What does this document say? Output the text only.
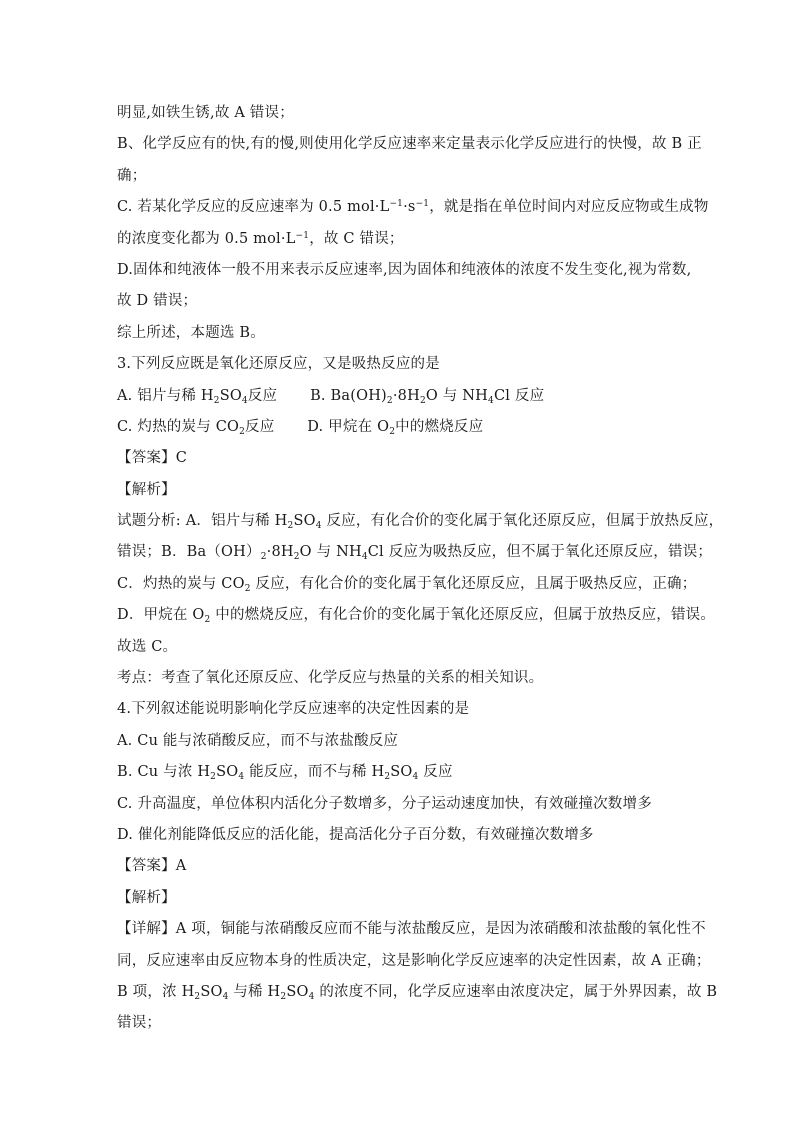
明显,如铁生锈,故 A 错误；
B、化学反应有的快,有的慢,则使用化学反应速率来定量表示化学反应进行的快慢，故 B 正
确；
C. 若某化学反应的反应速率为 0.5 $mol\cdot L^{-1}\cdot s^{-1}$，就是指在单位时间内对应反应物或生成物
的浓度变化都为 0.5 $mol\cdot L^{-1}$，故 C 错误；
D.固体和纯液体一般不用来表示反应速率,因为固体和纯液体的浓度不发生变化,视为常数,
故 D 错误；
综上所述，本题选 B。
3.下列反应既是氧化还原反应，又是吸热反应的是
A. 铝片与稀 $H_2SO_4$反应 B. $Ba(OH)_2\cdot 8H_2O$ 与 $NH_4Cl$ 反应
C. 灼热的炭与 $CO_2$反应 D. 甲烷在 $O_2$中的燃烧反应
【答案】C
【解析】
试题分析: A．铝片与稀 $H_2SO_4$ 反应，有化合价的变化属于氧化还原反应，但属于放热反应，
错误；B．$Ba(OH)_2\cdot 8H_2O$ 与 $NH_4Cl$ 反应为吸热反应，但不属于氧化还原反应，错误；
C．灼热的炭与 $CO_2$ 反应，有化合价的变化属于氧化还原反应，且属于吸热反应，正确；
D．甲烷在 $O_2$ 中的燃烧反应，有化合价的变化属于氧化还原反应，但属于放热反应，错误。
故选 C。
考点：考查了氧化还原反应、化学反应与热量的关系的相关知识。
4.下列叙述能说明影响化学反应速率的决定性因素的是
A. Cu 能与浓硝酸反应，而不与浓盐酸反应
B. Cu 与浓 $H_2SO_4$ 能反应，而不与稀 $H_2SO_4$ 反应
C. 升高温度，单位体积内活化分子数增多，分子运动速度加快，有效碰撞次数增多
D. 催化剂能降低反应的活化能，提高活化分子百分数，有效碰撞次数增多
【答案】A
【解析】
【详解】A 项，铜能与浓硝酸反应而不能与浓盐酸反应，是因为浓硝酸和浓盐酸的氧化性不
同，反应速率由反应物本身的性质决定，这是影响化学反应速率的决定性因素，故 A 正确；
B 项，浓 $H_2SO_4$ 与稀 $H_2SO_4$ 的浓度不同，化学反应速率由浓度决定，属于外界因素，故 B
错误；
